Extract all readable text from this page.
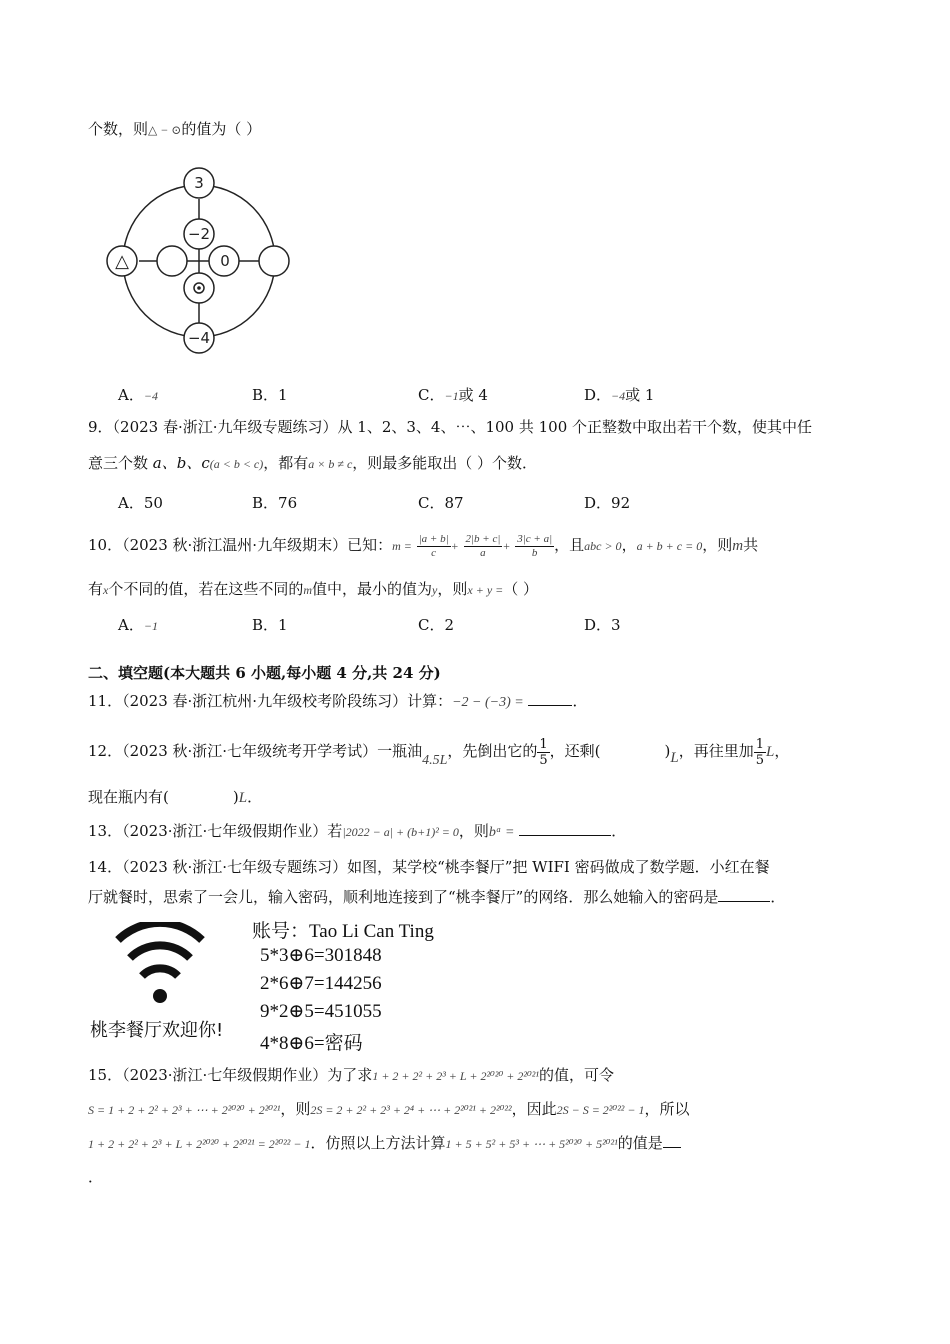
个数，则△ − ⊙的值为（ ）
3
−2
0
−4
△
A．−4	B．1	C．−1或 4	D．−4或 1
9．（2023 春·浙江·九年级专题练习）从 1、2、3、4、⋯、100 共 100 个正整数中取出若干个数，使其中任
意三个数 a、b、c(a < b < c)，都有a × b ≠ c，则最多能取出（ ）个数．
A．50	B．76	C．87	D．92
10．（2023 秋·浙江温州·九年级期末）已知：$m = \frac{|a + b|}{c} + \frac{2|b + c|}{a} + \frac{3|c + a|}{b}$ ，且abc > 0，a + b + c = 0，则m共
有x个不同的值，若在这些不同的m值中，最小的值为y，则x + y =（ ）
A．−1	B．1	C．2	D．3
二、填空题(本大题共 6 小题,每小题 4 分,共 24 分)
11．（2023 春·浙江杭州·九年级校考阶段练习）计算：−2 − (−3) =	．
12．（2023 秋·浙江·七年级统考开学考试）一瓶油4.5L，先倒出它的 $\frac{1}{5}$ ，还剩(	)L，再往里加 $\frac{1}{5}$ L，
现在瓶内有(	)L．
13．（2023·浙江·七年级假期作业）若|2022 − a| + (b+1)² = 0，则bᵃ =	．
14．（2023 秋·浙江·七年级专题练习）如图，某学校“桃李餐厅”把 WIFI 密码做成了数学题．小红在餐
厅就餐时，思索了一会儿，输入密码，顺利地连接到了“桃李餐厅”的网络．那么她输入的密码是	．
桃李餐厅欢迎你!
账号：Tao Li Can Ting
5*3⊕6=301848
2*6⊕7=144256
9*2⊕5=451055
4*8⊕6=密码
15．（2023·浙江·七年级假期作业）为了求1 + 2 + 2² + 2³ + L + 2²⁰²⁰ + 2²⁰²¹的值，可令
S = 1 + 2 + 2² + 2³ + ⋯ + 2²⁰²⁰ + 2²⁰²¹，则2S = 2 + 2² + 2³ + 2⁴ + ⋯ + 2²⁰²¹ + 2²⁰²²，因此2S − S = 2²⁰²² − 1，所以
1 + 2 + 2² + 2³ + L + 2²⁰²⁰ + 2²⁰²¹ = 2²⁰²² − 1．仿照以上方法计算1 + 5 + 5² + 5³ + ⋯ + 5²⁰²⁰ + 5²⁰²¹的值是
．
